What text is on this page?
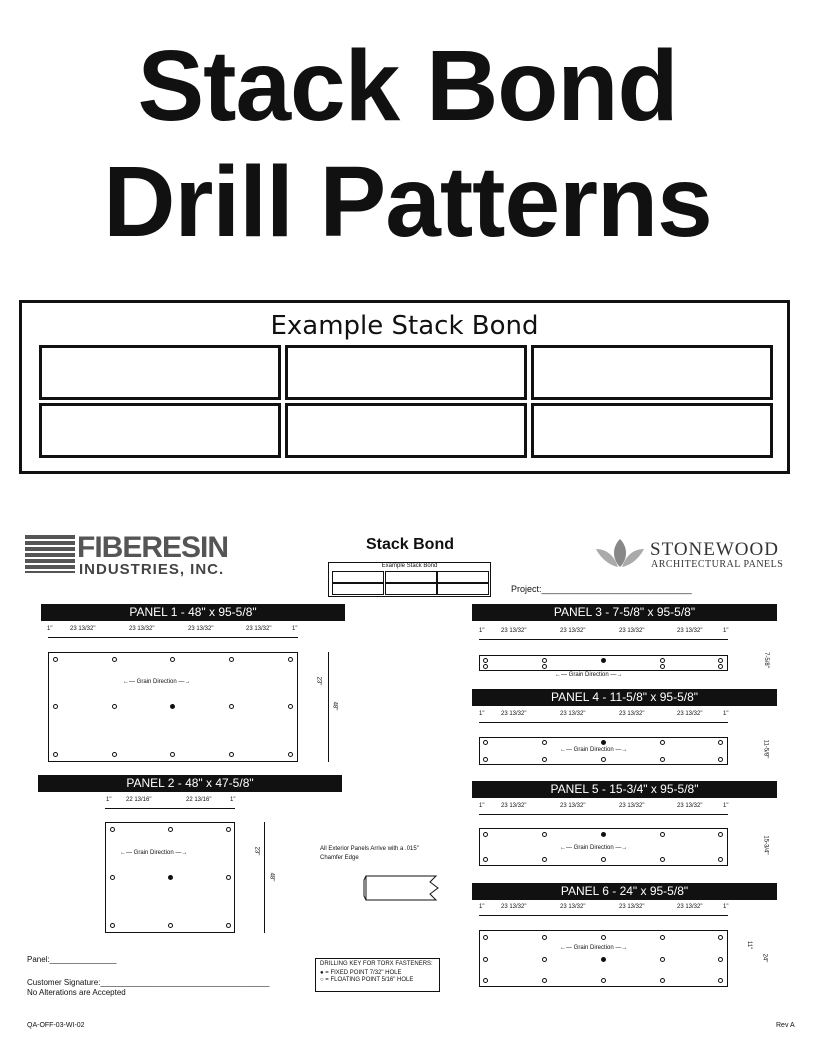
Stack Bond
Drill Patterns
Example Stack Bond
FIBERESIN
INDUSTRIES, INC.
Stack Bond
Example Stack Bond
STONEWOOD
ARCHITECTURAL PANELS
Project:______________________________
PANEL 1 - 48" x 95-5/8"
1"	23 13/32"	23 13/32"	23 13/32"	23 13/32"	1"
←— Grain Direction —→	23"
48"
PANEL 2 - 48" x 47-5/8"
1" 22 13/16"	22 13/16"	1"
←— Grain Direction —→	23"
48"
All Exterior Panels Arrive with a .015" Chamfer Edge
PANEL 3 - 7-5/8" x 95-5/8"
1"	23 13/32"	23 13/32"	23 13/32"	23 13/32"	1"
←— Grain Direction —→
7-5/8"
PANEL 4 - 11-5/8" x 95-5/8"
1"	23 13/32"	23 13/32"	23 13/32"	23 13/32"	1"
←— Grain Direction —→	11-5/8"
PANEL 5 - 15-3/4" x 95-5/8"
1"	23 13/32"	23 13/32"	23 13/32"	23 13/32"	1"
←— Grain Direction —→	15-3/4"
PANEL 6 - 24" x 95-5/8"
1"	23 13/32"	23 13/32"	23 13/32"	23 13/32"	1"
←— Grain Direction —→	11"
24"
Panel:_______________
Customer Signature:______________________________________
No Alterations are Accepted
DRILLING KEY FOR TORX FASTENERS:
● = FIXED POINT 7/32" HOLE
○ = FLOATING POINT 5/16" HOLE
QA-OFF-03-WI-02	Rev A
